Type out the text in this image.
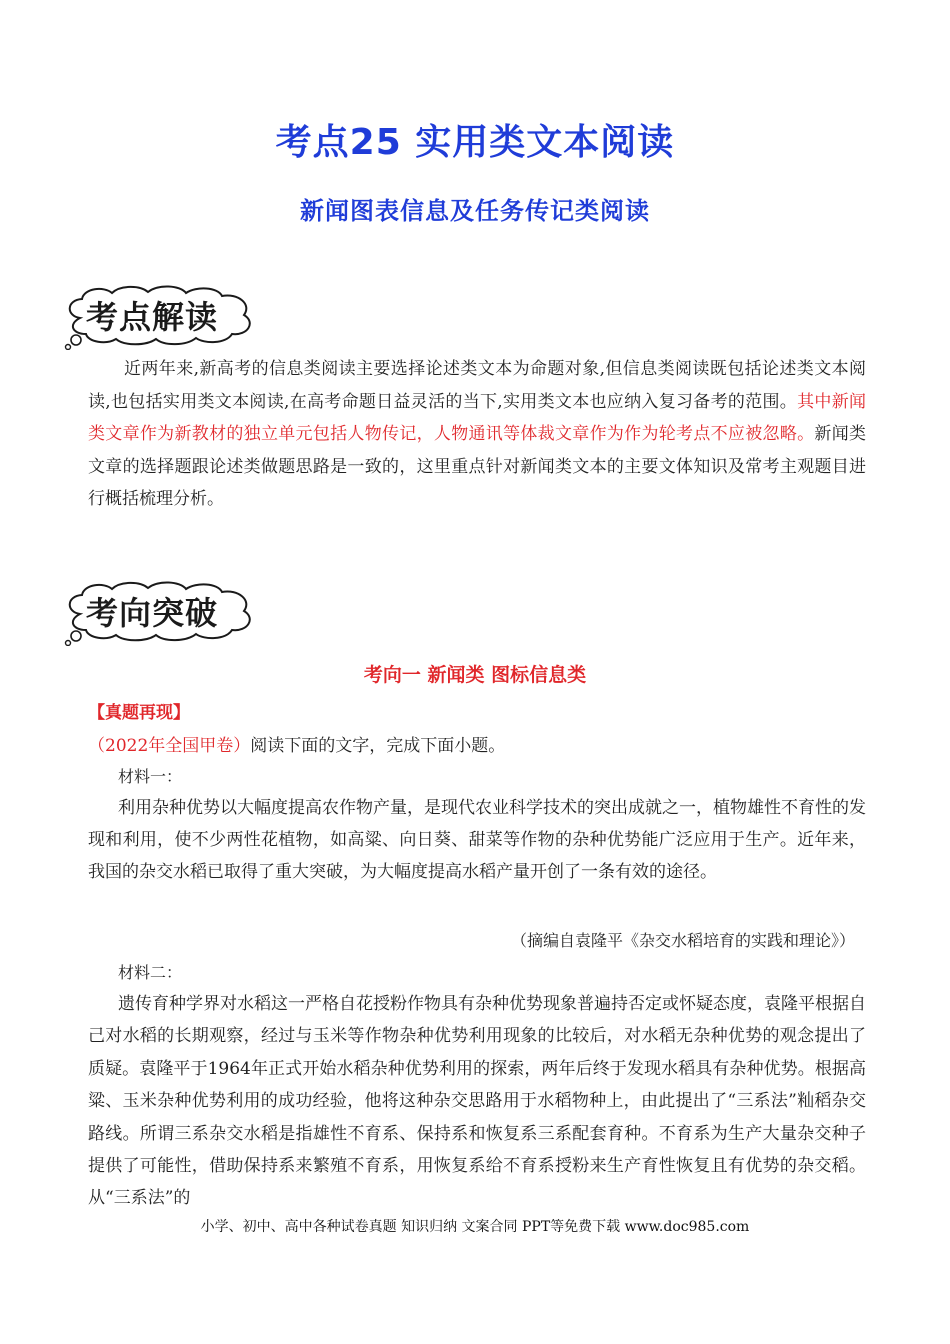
考点25 实用类文本阅读
新闻图表信息及任务传记类阅读
考点解读
近两年来,新高考的信息类阅读主要选择论述类文本为命题对象,但信息类阅读既包括论述类文本阅读,也包括实用类文本阅读,在高考命题日益灵活的当下,实用类文本也应纳入复习备考的范围。其中新闻类文章作为新教材的独立单元包括人物传记，人物通讯等体裁文章作为作为轮考点不应被忽略。新闻类文章的选择题跟论述类做题思路是一致的，这里重点针对新闻类文本的主要文体知识及常考主观题目进行概括梳理分析。
考向突破
考向一 新闻类 图标信息类
【真题再现】
（2022年全国甲卷）阅读下面的文字，完成下面小题。
材料一：
利用杂种优势以大幅度提高农作物产量，是现代农业科学技术的突出成就之一，植物雄性不育性的发现和利用，使不少两性花植物，如高粱、向日葵、甜菜等作物的杂种优势能广泛应用于生产。近年来，我国的杂交水稻已取得了重大突破，为大幅度提高水稻产量开创了一条有效的途径。
（摘编自袁隆平《杂交水稻培育的实践和理论》）
材料二：
遗传育种学界对水稻这一严格自花授粉作物具有杂种优势现象普遍持否定或怀疑态度，袁隆平根据自己对水稻的长期观察，经过与玉米等作物杂种优势利用现象的比较后，对水稻无杂种优势的观念提出了质疑。袁隆平于1964年正式开始水稻杂种优势利用的探索，两年后终于发现水稻具有杂种优势。根据高粱、玉米杂种优势利用的成功经验，他将这种杂交思路用于水稻物种上，由此提出了“三系法”籼稻杂交路线。所谓三系杂交水稻是指雄性不育系、保持系和恢复系三系配套育种。不育系为生产大量杂交种子提供了可能性，借助保持系来繁殖不育系，用恢复系给不育系授粉来生产育性恢复且有优势的杂交稻。从“三系法”的
小学、初中、高中各种试卷真题 知识归纳 文案合同 PPT等免费下载 www.doc985.com
